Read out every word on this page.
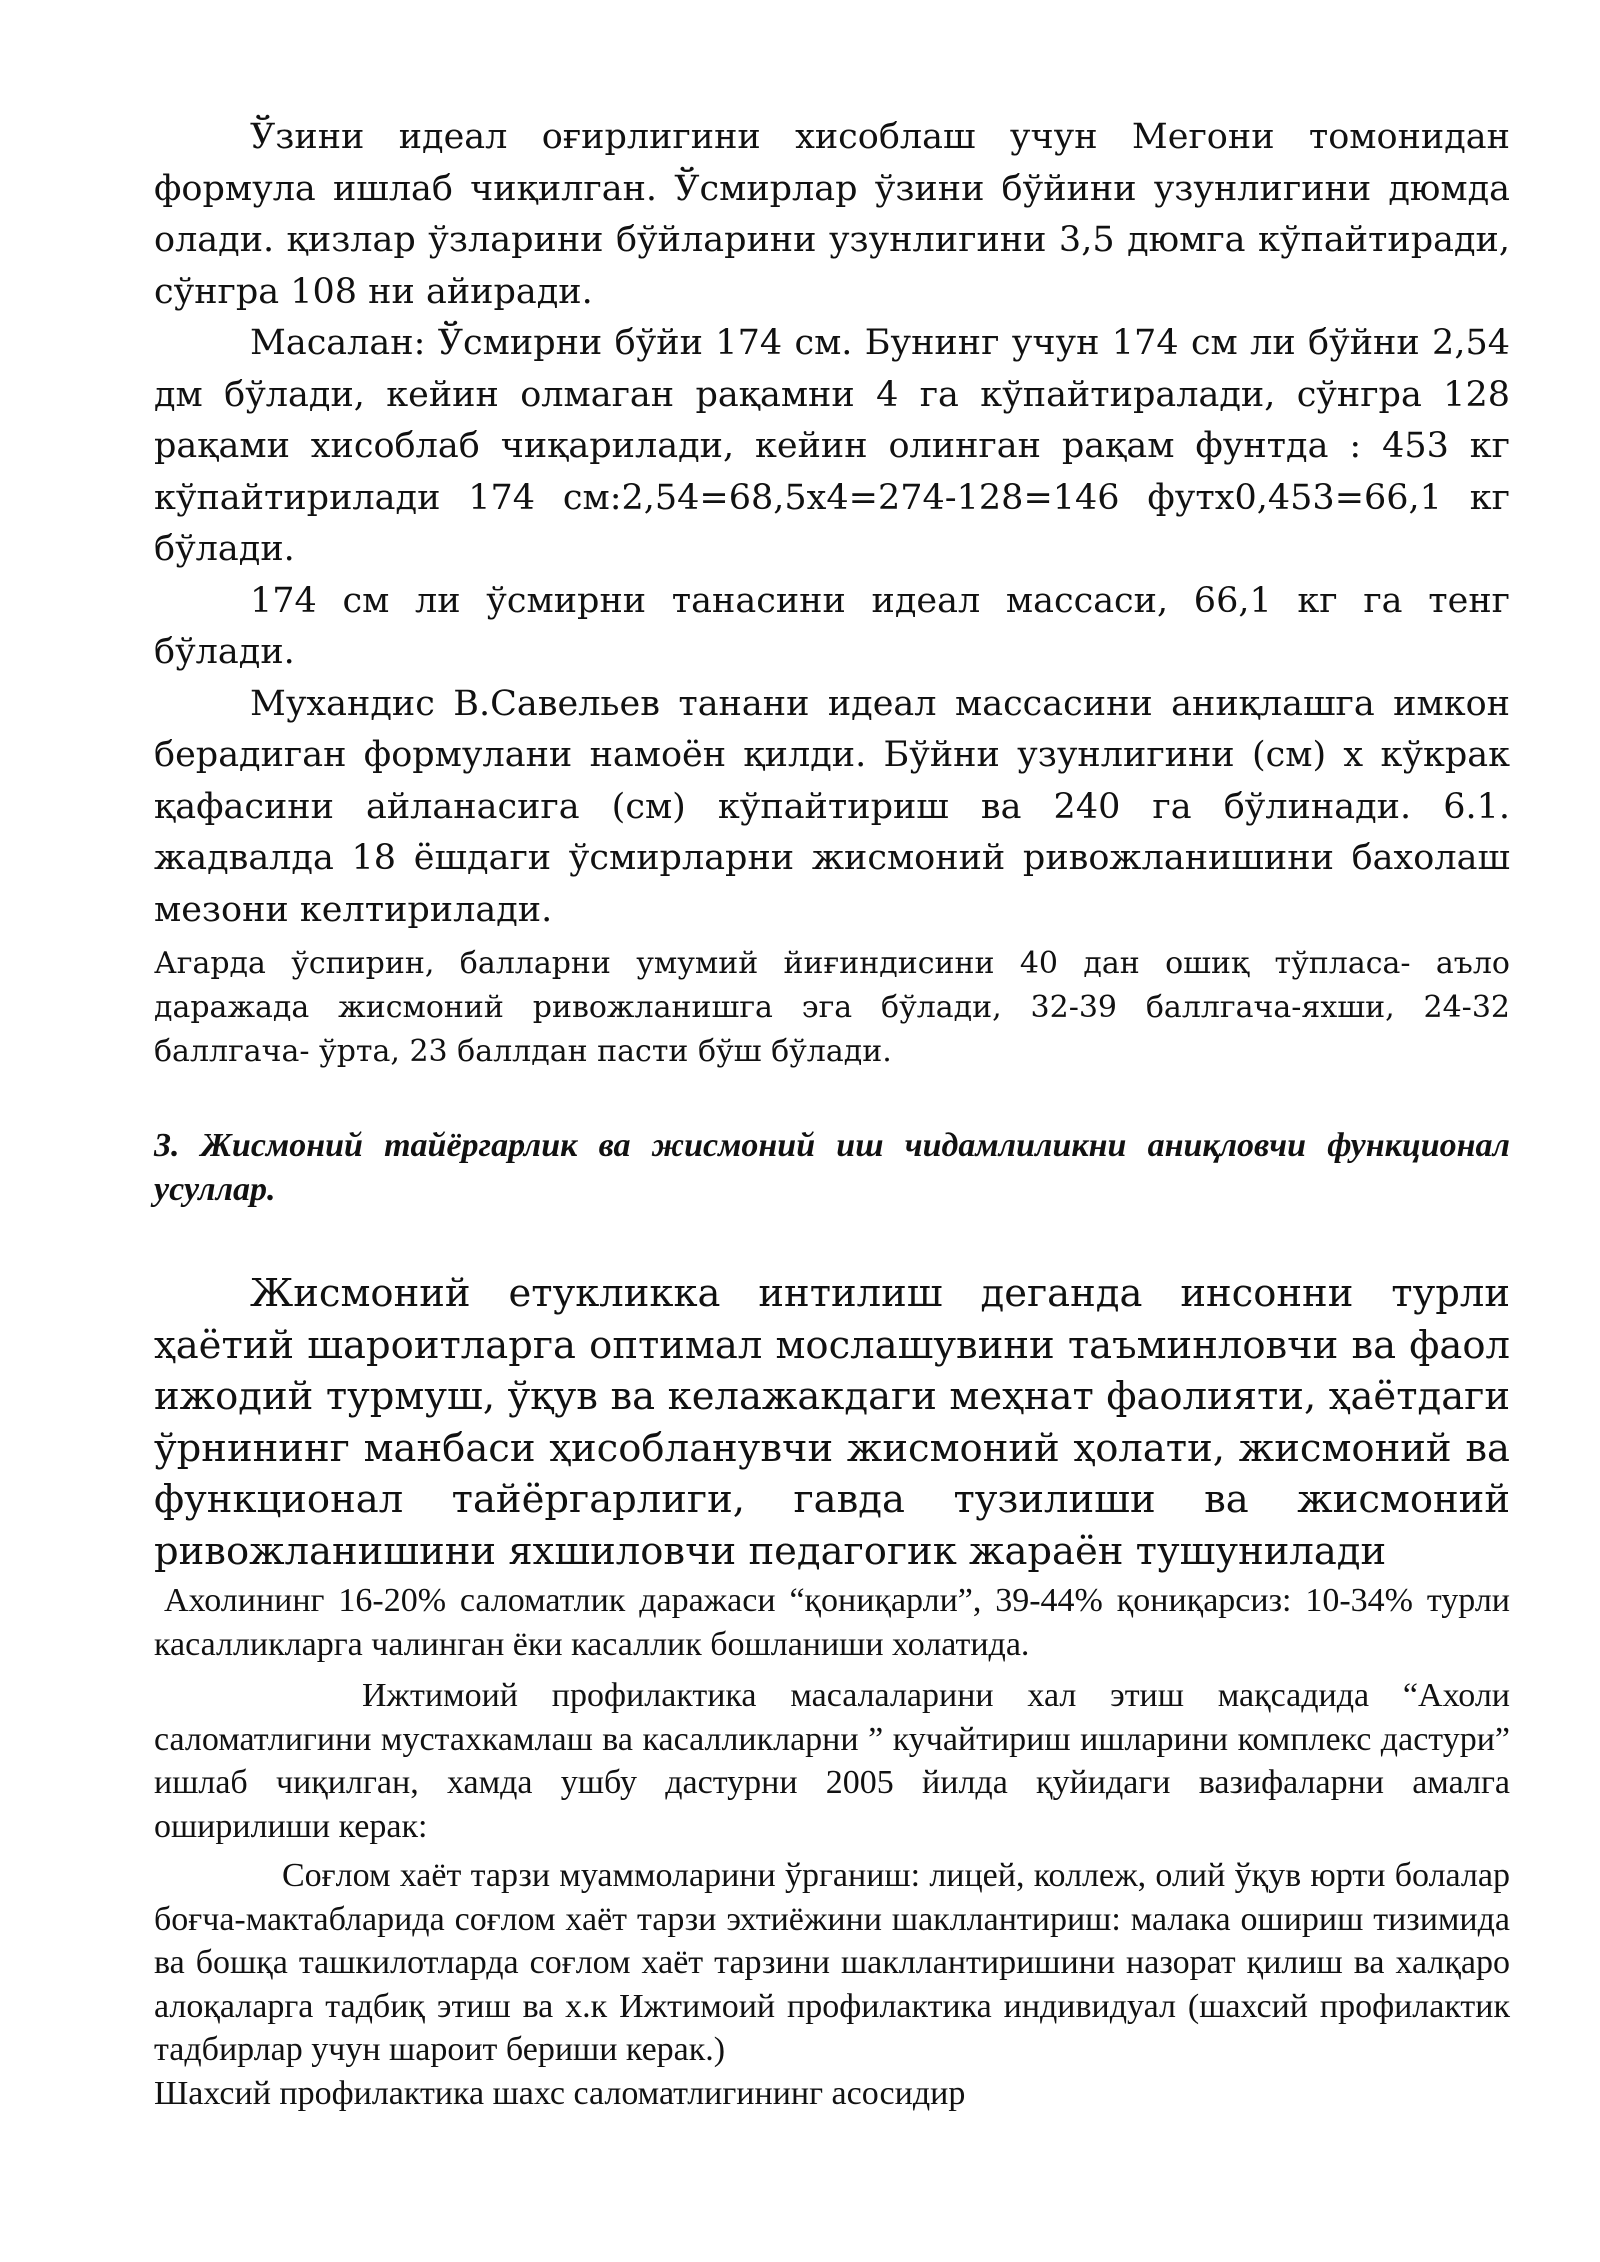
Ўзини идеал оғирлигини хисоблаш учун Мегони томонидан формула ишлаб чиқилган. Ўсмирлар ўзини бўйини узунлигини дюмда олади. қизлар ўзларини бўйларини узунлигини 3,5 дюмга кўпайтиради, сўнгра 108 ни айиради.

Масалан: Ўсмирни бўйи 174 см. Бунинг учун 174 см ли бўйни 2,54 дм бўлади, кейин олмаган рақамни 4 га кўпайтиралади, сўнгра 128 рақами хисоблаб чиқарилади, кейин олинган рақам фунтда : 453 кг кўпайтирилади 174 см:2,54=68,5х4=274-128=146 футх0,453=66,1 кг бўлади.

174 см ли ўсмирни танасини идеал массаси, 66,1 кг га тенг бўлади.

Мухандис В.Савельев танани идеал массасини аниқлашга имкон берадиган формулани намоён қилди. Бўйни узунлигини (см) х кўкрак қафасини айланасига (см) кўпайтириш ва 240 га бўлинади. 6.1. жадвалда 18 ёшдаги ўсмирларни жисмоний ривожланишини бахолаш мезони келтирилади.

Агарда ўспирин, балларни умумий йиғиндисини 40 дан ошиқ тўпласа- аъло даражада жисмоний ривожланишга эга бўлади, 32-39 баллгача-яхши, 24-32 баллгача- ўрта, 23 баллдан пасти бўш бўлади.

3. Жисмоний тайёргарлик ва жисмоний иш чидамлиликни аниқловчи функционал усуллар.

Жисмоний етукликка интилиш деганда инсонни турли ҳаётий шароитларга оптимал мослашувини таъминловчи ва фаол ижодий турмуш, ўқув ва келажакдаги меҳнат фаолияти, ҳаётдаги ўрнининг манбаси ҳисобланувчи жисмоний ҳолати, жисмоний ва функционал тайёргарлиги, гавда тузилиши ва жисмоний ривожланишини яхшиловчи педагогик жараён тушунилади

Ахолининг 16-20% саломатлик даражаси “қониқарли”, 39-44% қониқарсиз: 10-34% турли касалликларга чалинган ёки касаллик бошланиши холатида.

Ижтимоий профилактика масалаларини хал этиш мақсадида “Ахоли саломатлигини мустахкамлаш ва касалликларни ” кучайтириш ишларини комплекс дастури” ишлаб чиқилган, хамда ушбу дастурни 2005 йилда қуйидаги вазифаларни амалга оширилиши керак:

Соғлом хаёт тарзи муаммоларини ўрганиш: лицей, коллеж, олий ўқув юрти болалар боғча-мактабларида соғлом хаёт тарзи эхтиёжини шакллантириш: малака ошириш тизимида ва бошқа ташкилотларда соғлом хаёт тарзини шакллантиришини назорат қилиш ва халқаро алоқаларга тадбиқ этиш ва х.к Ижтимоий профилактика индивидуал (шахсий профилактик тадбирлар учун шароит бериши керак.)

Шахсий профилактика шахс саломатлигининг асосидир
